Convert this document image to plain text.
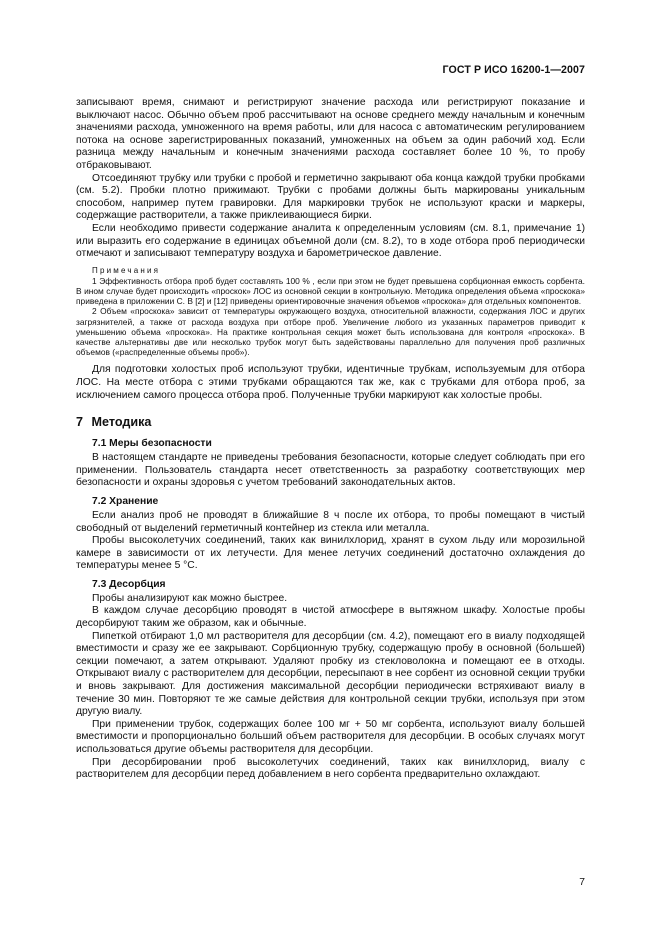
ГОСТ Р ИСО 16200-1—2007

записывают время, снимают и регистрируют значение расхода или регистрируют показание и выключают насос. Обычно объем проб рассчитывают на основе среднего между начальным и конечным значениями расхода, умноженного на время работы, или для насоса с автоматическим регулированием потока на основе зарегистрированных показаний, умноженных на объем за один рабочий ход. Если разница между начальным и конечным значениями расхода составляет более 10 %, то пробу отбраковывают.

Отсоединяют трубку или трубки с пробой и герметично закрывают оба конца каждой трубки пробками (см. 5.2). Пробки плотно прижимают. Трубки с пробами должны быть маркированы уникальным способом, например путем гравировки. Для маркировки трубок не используют краски и маркеры, содержащие растворители, а также приклеивающиеся бирки.

Если необходимо привести содержание аналита к определенным условиям (см. 8.1, примечание 1) или выразить его содержание в единицах объемной доли (см. 8.2), то в ходе отбора проб периодически отмечают и записывают температуру воздуха и барометрическое давление.

Примечания

1 Эффективность отбора проб будет составлять 100 % , если при этом не будет превышена сорбционная емкость сорбента. В ином случае будет происходить «проскок» ЛОС из основной секции в контрольную. Методика определения объема «проскока» приведена в приложении С. В [2] и [12] приведены ориентировочные значения объемов «проскока» для отдельных компонентов.

2 Объем «проскока» зависит от температуры окружающего воздуха, относительной влажности, содержания ЛОС и других загрязнителей, а также от расхода воздуха при отборе проб. Увеличение любого из указанных параметров приводит к уменьшению объема «проскока». На практике контрольная секция может быть использована для контроля «проскока». В качестве альтернативы две или несколько трубок могут быть задействованы параллельно для получения проб различных объемов («распределенные объемы проб»).

Для подготовки холостых проб используют трубки, идентичные трубкам, используемым для отбора ЛОС. На месте отбора с этими трубками обращаются так же, как с трубками для отбора проб, за исключением самого процесса отбора проб. Полученные трубки маркируют как холостые пробы.

7 Методика
7.1 Меры безопасности

В настоящем стандарте не приведены требования безопасности, которые следует соблюдать при его применении. Пользователь стандарта несет ответственность за разработку соответствующих мер безопасности и охраны здоровья с учетом требований законодательных актов.

7.2 Хранение

Если анализ проб не проводят в ближайшие 8 ч после их отбора, то пробы помещают в чистый свободный от выделений герметичный контейнер из стекла или металла.

Пробы высоколетучих соединений, таких как винилхлорид, хранят в сухом льду или морозильной камере в зависимости от их летучести. Для менее летучих соединений достаточно охлаждения до температуры менее 5 °С.

7.3 Десорбция

Пробы анализируют как можно быстрее.

В каждом случае десорбцию проводят в чистой атмосфере в вытяжном шкафу. Холостые пробы десорбируют таким же образом, как и обычные.

Пипеткой отбирают 1,0 мл растворителя для десорбции (см. 4.2), помещают его в виалу подходящей вместимости и сразу же ее закрывают. Сорбционную трубку, содержащую пробу в основной (большей) секции помечают, а затем открывают. Удаляют пробку из стекловолокна и помещают ее в отходы. Открывают виалу с растворителем для десорбции, пересыпают в нее сорбент из основной секции трубки и вновь закрывают. Для достижения максимальной десорбции периодически встряхивают виалу в течение 30 мин. Повторяют те же самые действия для контрольной секции трубки, используя при этом другую виалу.

При применении трубок, содержащих более 100 мг + 50 мг сорбента, используют виалу большей вместимости и пропорционально больший объем растворителя для десорбции. В особых случаях могут использоваться другие объемы растворителя для десорбции.

При десорбировании проб высоколетучих соединений, таких как винилхлорид, виалу с растворителем для десорбции перед добавлением в него сорбента предварительно охлаждают.

7
